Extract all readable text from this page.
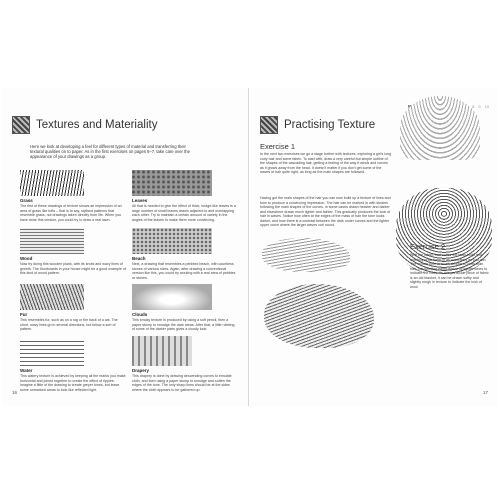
Textures and Materiality

Here we look at developing a feel for different types of material and transferring their textural qualities on to paper. As in the first exercises on pages 6–7, take care over the appearance of your drawings as a group.

Grass
The first of these drawings of texture shows an impression of an area of grass like tufts – that is to say, stylised patterns that resemble grass, not drawings taken directly from life. When you have done this version, you could try to draw a real lawn.
Leaves
All that is needed to give the effect of thick, hedge-like leaves is a large number of small leaves drawn adjacent to and overlapping each other. Try to maintain a certain amount of variety in the angles of the leaves to make them more convincing.
Wood
Now try doing this wooden plank, with its knots and wavy lines of growth. The floorboards in your house might be a good example of this kind of wood pattern.
Beach
Next, a drawing that resembles a pebbled beach, with countless stones of various sizes. Again, after drawing a conventional version like this, you could try working with a real area of pebbles or stones.
Fur
This resembles fur, such as on a rug or the back of a cat. The short, wavy lines go in several directions, but follow a sort of pattern.
Clouds
This smoky texture is produced by using a soft pencil, then a paper stump to smudge the dark areas. After that, a little rubbing of some of the darker parts gives a cloudy look.
Water
This watery texture is achieved by keeping all the marks you make horizontal and joined together to create the effect of ripples. Imagine a little of the drawing to create greyer tones, but leave some unmarked areas to look like reflected light.
Drapery
This drapery is done by drawing descending curves to emulate cloth, and then using a paper stump to smudge and soften the edges of the tone. The only sharp lines should be at the sides where the cloth appears to be gathered up.
16
8 9 10
Practising Texture
Exercise 1

In the next two exercises we go a stage further with textures, exploring a girl's long curly hair and some fabric. To start with, draw a very careful but simple outline of the shapes of the cascading hair, getting a feeling of the way it winds and curves as it grows away from the head. It doesn't matter if you don't get some of the waves of hair quite right, as long as the main shapes are followed.

Having got the main shapes of the hair you can now build up a texture of lines and tone to produce a convincing impression. The hair can be marked in with strokes following the main shapes of the curves, in some cases drawn heavier and darker and elsewhere drawn much lighter and fainter. This gradually produces the look of hair in waves. Notice how often at the edges of the mass of hair the tone looks darker, and how there is a contrast between the dark under curves and the lighter upper curve where the larger waves curl round.

Exercise 2

With the fabric, first notice the main folds and carefully draw them in as accurately as you can. The texture here is much simpler to draw than hair, just needing either darker or lighter tones to indicate the folds. As this particular piece of fabric is an old blanket, it can be drawn softly and slightly rough in texture to indicate the look of wool.

17
